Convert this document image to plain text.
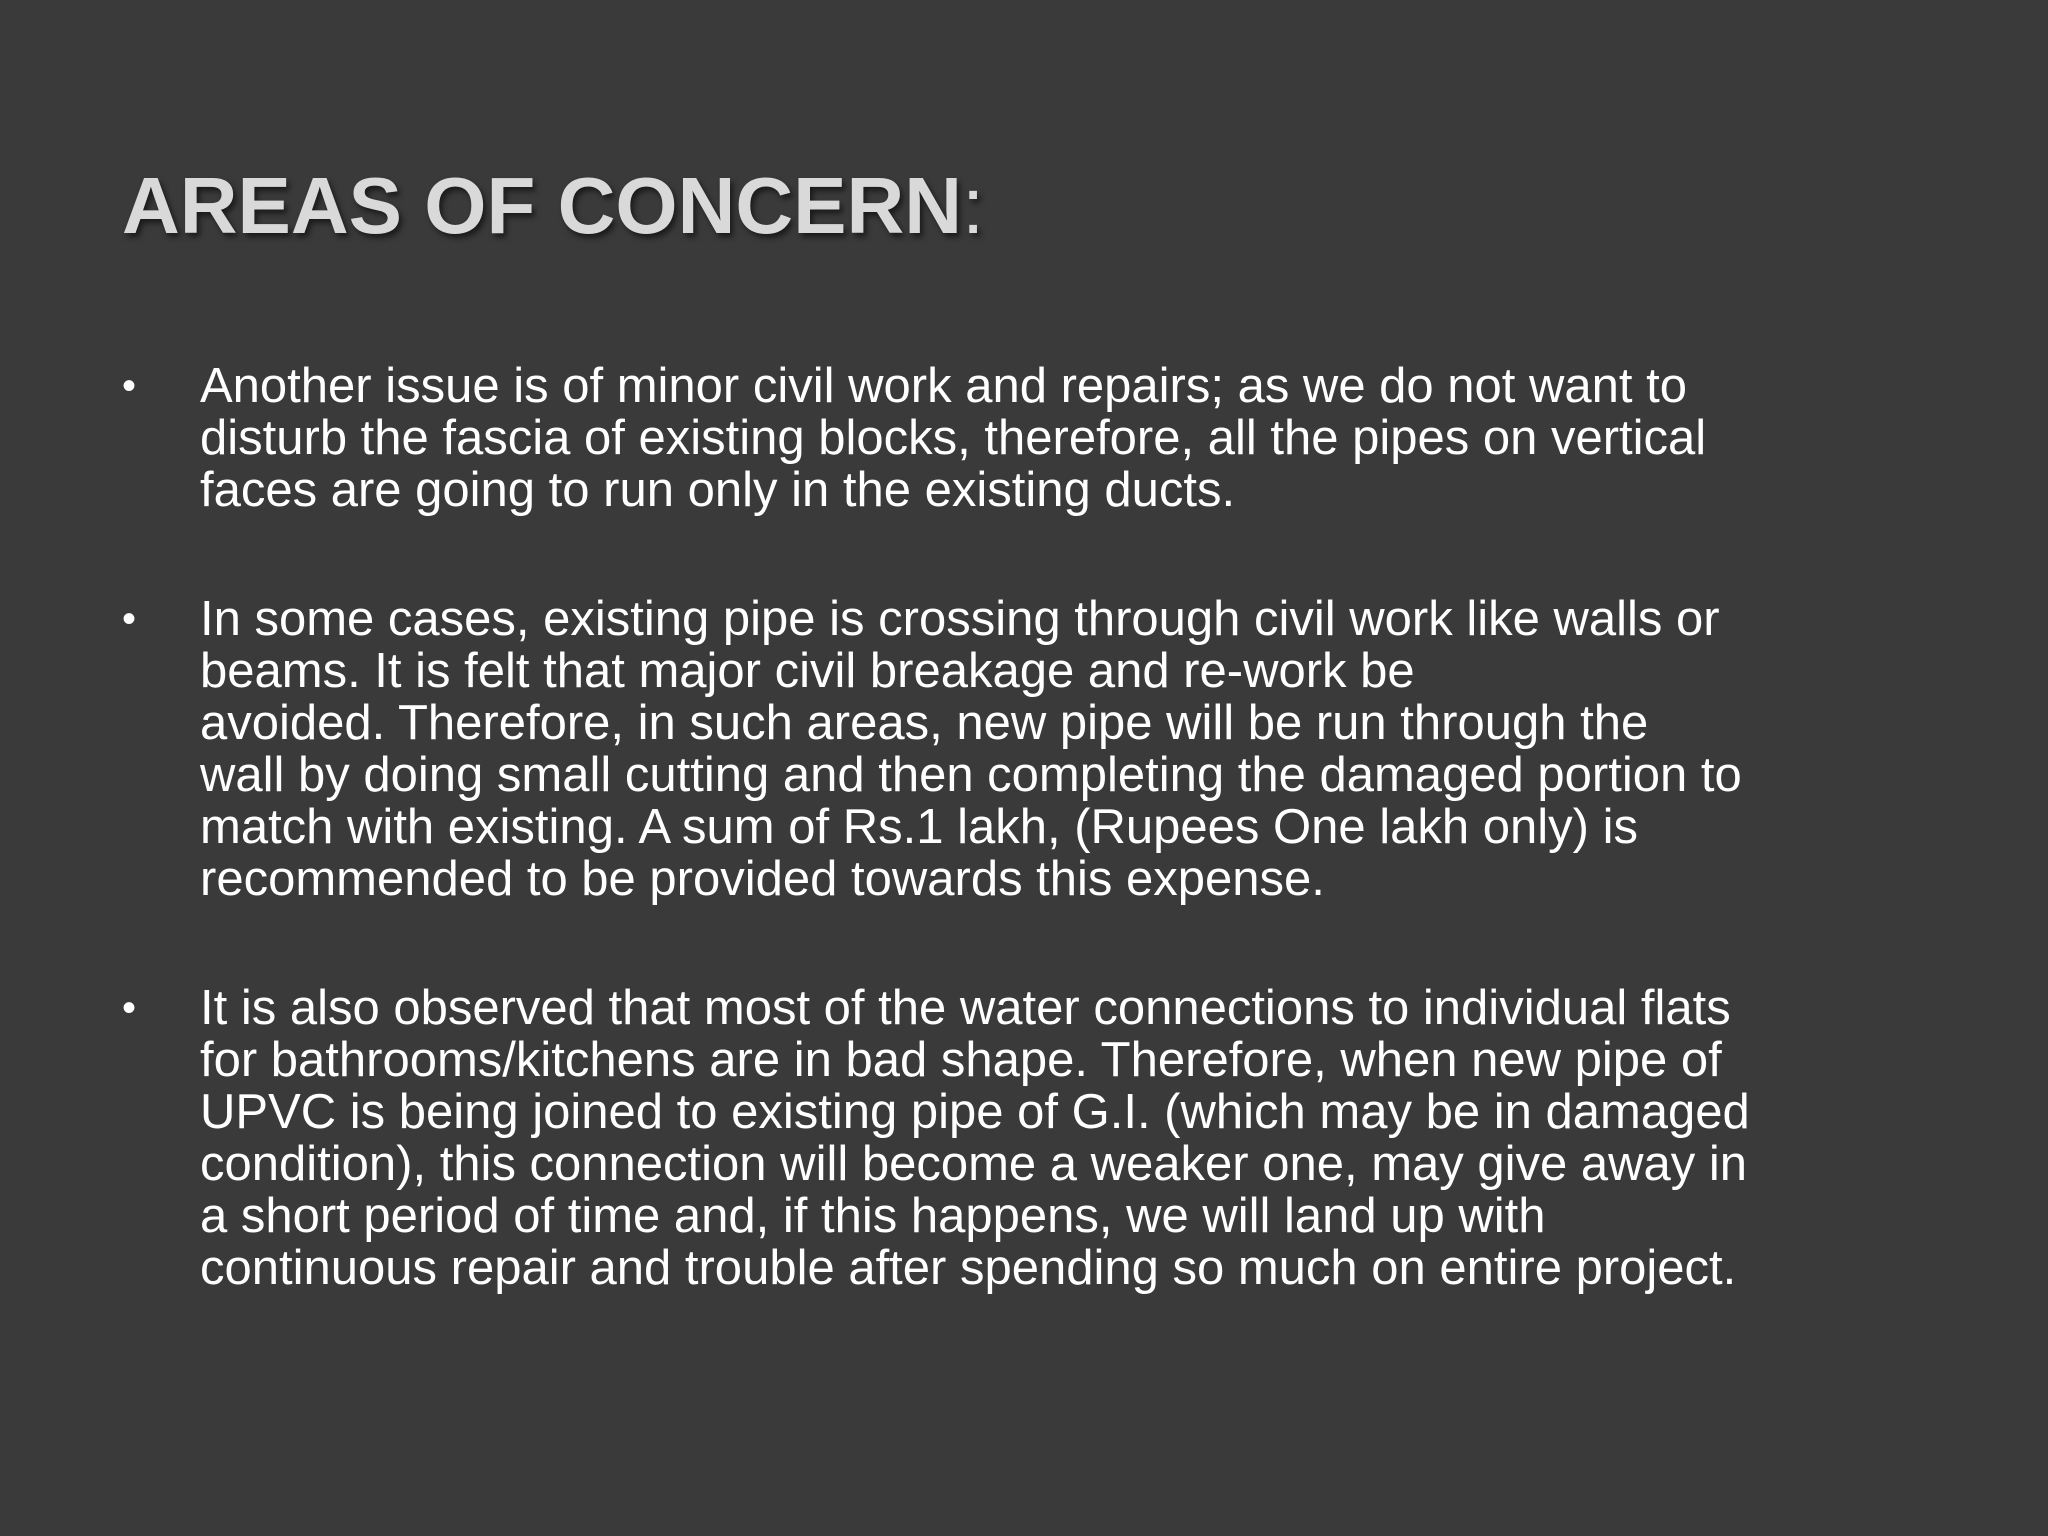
AREAS OF CONCERN:
•	Another issue is of minor civil work and repairs; as we do not want to
disturb the fascia of existing blocks, therefore, all the pipes on vertical
faces are going to run only in the existing ducts.
•	In some cases, existing pipe is crossing through civil work like walls or
beams. It is felt that major civil breakage and re-work be
avoided. Therefore, in such areas, new pipe will be run through the
wall by doing small cutting and then completing the damaged portion to
match with existing. A sum of Rs.1 lakh, (Rupees One lakh only) is
recommended to be provided towards this expense.
•	It is also observed that most of the water connections to individual flats
for bathrooms/kitchens are in bad shape. Therefore, when new pipe of
UPVC is being joined to existing pipe of G.I. (which may be in damaged
condition), this connection will become a weaker one, may give away in
a short period of time and, if this happens, we will land up with
continuous repair and trouble after spending so much on entire project.
